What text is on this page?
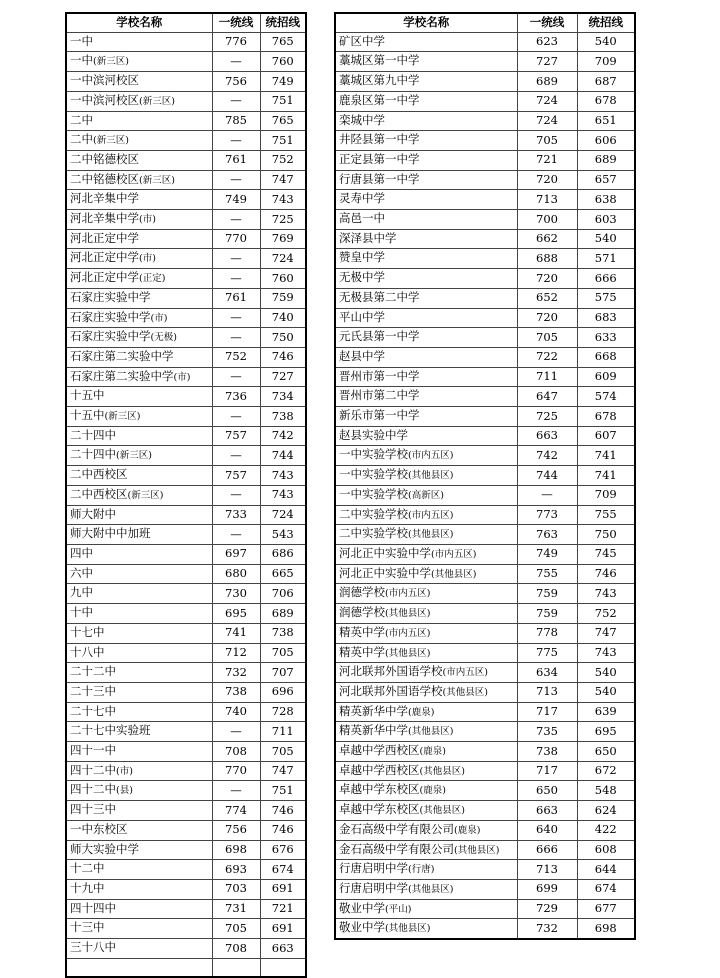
学校名称	一统线	统招线
一中	776	765
一中(新三区)	—	760
一中滨河校区	756	749
一中滨河校区(新三区)	—	751
二中	785	765
二中(新三区)	—	751
二中铭德校区	761	752
二中铭德校区(新三区)	—	747
河北辛集中学	749	743
河北辛集中学(市)	—	725
河北正定中学	770	769
河北正定中学(市)	—	724
河北正定中学(正定)	—	760
石家庄实验中学	761	759
石家庄实验中学(市)	—	740
石家庄实验中学(无极)	—	750
石家庄第二实验中学	752	746
石家庄第二实验中学(市)	—	727
十五中	736	734
十五中(新三区)	—	738
二十四中	757	742
二十四中(新三区)	—	744
二中西校区	757	743
二中西校区(新三区)	—	743
师大附中	733	724
师大附中中加班	—	543
四中	697	686
六中	680	665
九中	730	706
十中	695	689
十七中	741	738
十八中	712	705
二十二中	732	707
二十三中	738	696
二十七中	740	728
二十七中实验班	—	711
四十一中	708	705
四十二中(市)	770	747
四十二中(县)	—	751
四十三中	774	746
一中东校区	756	746
师大实验中学	698	676
十二中	693	674
十九中	703	691
四十四中	731	721
十三中	705	691
三十八中	708	663

学校名称	一统线	统招线
矿区中学	623	540
藁城区第一中学	727	709
藁城区第九中学	689	687
鹿泉区第一中学	724	678
栾城中学	724	651
井陉县第一中学	705	606
正定县第一中学	721	689
行唐县第一中学	720	657
灵寿中学	713	638
高邑一中	700	603
深泽县中学	662	540
赞皇中学	688	571
无极中学	720	666
无极县第二中学	652	575
平山中学	720	683
元氏县第一中学	705	633
赵县中学	722	668
晋州市第一中学	711	609
晋州市第二中学	647	574
新乐市第一中学	725	678
赵县实验中学	663	607
一中实验学校(市内五区)	742	741
一中实验学校(其他县区)	744	741
一中实验学校(高新区)	—	709
二中实验学校(市内五区)	773	755
二中实验学校(其他县区)	763	750
河北正中实验中学(市内五区)	749	745
河北正中实验中学(其他县区)	755	746
润德学校(市内五区)	759	743
润德学校(其他县区)	759	752
精英中学(市内五区)	778	747
精英中学(其他县区)	775	743
河北联邦外国语学校(市内五区)	634	540
河北联邦外国语学校(其他县区)	713	540
精英新华中学(鹿泉)	717	639
精英新华中学(其他县区)	735	695
卓越中学西校区(鹿泉)	738	650
卓越中学西校区(其他县区)	717	672
卓越中学东校区(鹿泉)	650	548
卓越中学东校区(其他县区)	663	624
金石高级中学有限公司(鹿泉)	640	422
金石高级中学有限公司(其他县区)	666	608
行唐启明中学(行唐)	713	644
行唐启明中学(其他县区)	699	674
敬业中学(平山)	729	677
敬业中学(其他县区)	732	698
